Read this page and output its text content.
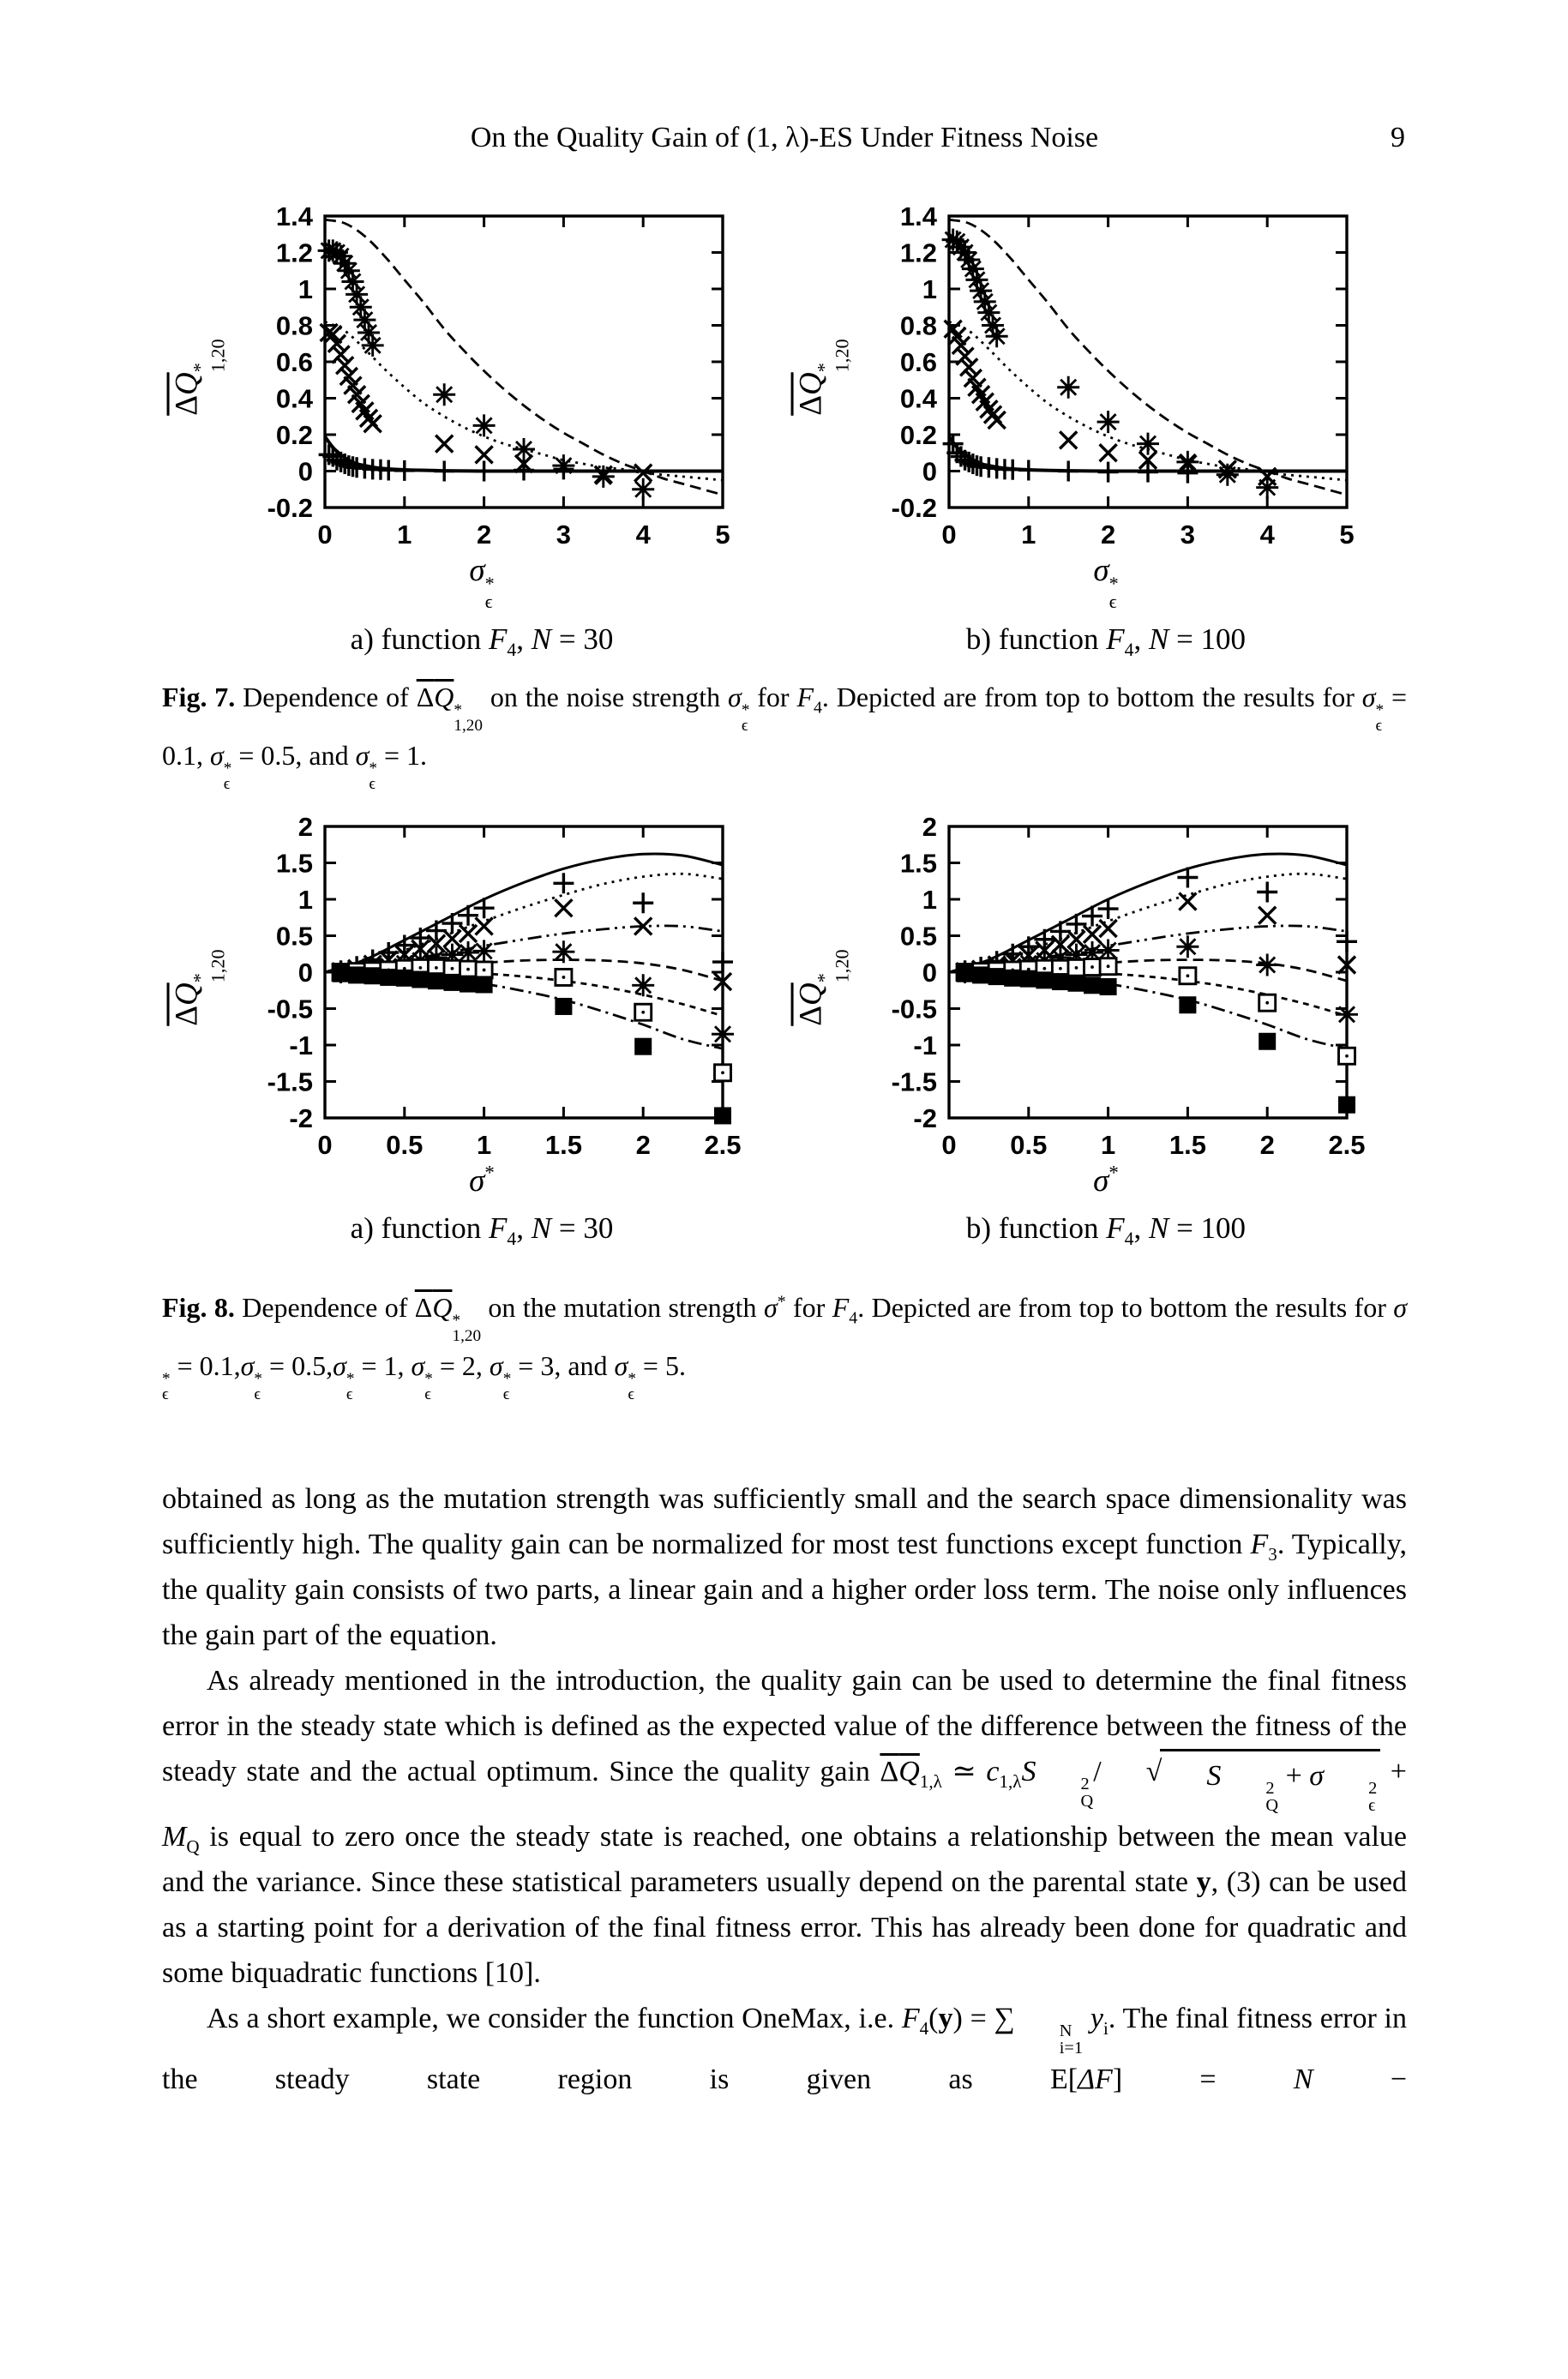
On the Quality Gain of (1, λ)-ES Under Fitness Noise	9
ΔQ
*
1,20
0 1 2 3 4 5
-0.2
0
0.2
0.4
0.6
0.8
1
1.2
1.4
σ *
ϵ
a) function $F_4$, N = 30
ΔQ
*
1,20
0 1 2 3 4 5
-0.2
0
0.2
0.4
0.6
0.8
1
1.2
1.4
σ *
ϵ
b) function $F_4$, N = 100
Fig. 7. Dependence of ΔQ *
1,20
on the noise strength σ *
ϵ
for $F_4$. Depicted are from top to bottom the results for σ *
ϵ
= 0.1, σ *
ϵ
= 0.5, and σ *
ϵ
= 1.
ΔQ
*
1,20
0 0.5 1 1.5 2 2.5
-2
-1.5
-1
-0.5
0
0.5
1
1.5
2
σ*
a) function $F_4$, N = 30
ΔQ
*
1,20
0 0.5 1 1.5 2 2.5
-2
-1.5
-1
-0.5
0
0.5
1
1.5
2
σ*
b) function $F_4$, N = 100
Fig. 8. Dependence of ΔQ *
1,20
on the mutation strength σ* for $F_4$. Depicted are from top to bottom the results for σ
*
ϵ
= 0.1,σ *
ϵ
= 0.5,σ *
ϵ
= 1, σ *
ϵ
= 2, σ *
ϵ
= 3, and σ *
ϵ
= 5.

obtained as long as the mutation strength was sufficiently small and the search space dimensionality was sufficiently high. The quality gain can be normalized for most test functions except function $F_3$. Typically, the quality gain consists of two parts, a linear gain and a higher order loss term. The noise only influences the gain part of the equation.

As already mentioned in the introduction, the quality gain can be used to determine the final fitness error in the steady state which is defined as the expected value of the difference between the fitness of the steady state and the actual optimum. Since the quality gain $\Delta Q_{1,\lambda}$ ≃ $c_{1,\lambda}S$	2
Q
/	√	S	2
Q
+ σ	2
ϵ
+ $M_Q$ is equal to zero once the steady state is reached, one obtains a relationship between the mean value and the variance. Since these statistical parameters usually depend on the parental state y, (3) can be used as a starting point for a derivation of the final fitness error. This has already been done for quadratic and some biquadratic functions [10].

As a short example, we consider the function OneMax, i.e. $F_4(y)$ = ∑	N
i=1
$y_i$. The final fitness error in the steady state region is given as E[ΔF] = N −
